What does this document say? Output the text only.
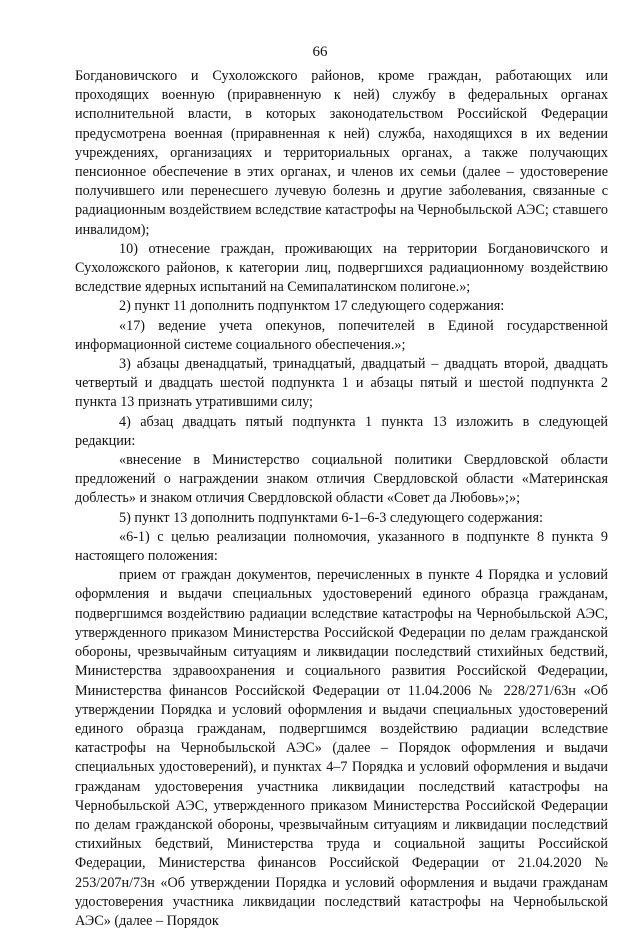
66

Богдановичского и Сухоложского районов, кроме граждан, работающих или проходящих военную (приравненную к ней) службу в федеральных органах исполнительной власти, в которых законодательством Российской Федерации предусмотрена военная (приравненная к ней) служба, находящихся в их ведении учреждениях, организациях и территориальных органах, а также получающих пенсионное обеспечение в этих органах, и членов их семьи (далее – удостоверение получившего или перенесшего лучевую болезнь и другие заболевания, связанные с радиационным воздействием вследствие катастрофы на Чернобыльской АЭС; ставшего инвалидом);

10) отнесение граждан, проживающих на территории Богдановичского и Сухоложского районов, к категории лиц, подвергшихся радиационному воздействию вследствие ядерных испытаний на Семипалатинском полигоне.»;

2) пункт 11 дополнить подпунктом 17 следующего содержания:

«17) ведение учета опекунов, попечителей в Единой государственной информационной системе социального обеспечения.»;

3) абзацы двенадцатый, тринадцатый, двадцатый – двадцать второй, двадцать четвертый и двадцать шестой подпункта 1 и абзацы пятый и шестой подпункта 2 пункта 13 признать утратившими силу;

4) абзац двадцать пятый подпункта 1 пункта 13 изложить в следующей редакции:

«внесение в Министерство социальной политики Свердловской области предложений о награждении знаком отличия Свердловской области «Материнская доблесть» и знаком отличия Свердловской области «Совет да Любовь»;»;

5) пункт 13 дополнить подпунктами 6-1–6-3 следующего содержания:

«6-1) с целью реализации полномочия, указанного в подпункте 8 пункта 9 настоящего положения:

прием от граждан документов, перечисленных в пункте 4 Порядка и условий оформления и выдачи специальных удостоверений единого образца гражданам, подвергшимся воздействию радиации вследствие катастрофы на Чернобыльской АЭС, утвержденного приказом Министерства Российской Федерации по делам гражданской обороны, чрезвычайным ситуациям и ликвидации последствий стихийных бедствий, Министерства здравоохранения и социального развития Российской Федерации, Министерства финансов Российской Федерации от 11.04.2006 № 228/271/63н «Об утверждении Порядка и условий оформления и выдачи специальных удостоверений единого образца гражданам, подвергшимся воздействию радиации вследствие катастрофы на Чернобыльской АЭС» (далее – Порядок оформления и выдачи специальных удостоверений), и пунктах 4–7 Порядка и условий оформления и выдачи гражданам удостоверения участника ликвидации последствий катастрофы на Чернобыльской АЭС, утвержденного приказом Министерства Российской Федерации по делам гражданской обороны, чрезвычайным ситуациям и ликвидации последствий стихийных бедствий, Министерства труда и социальной защиты Российской Федерации, Министерства финансов Российской Федерации от 21.04.2020 № 253/207н/73н «Об утверждении Порядка и условий оформления и выдачи гражданам удостоверения участника ликвидации последствий катастрофы на Чернобыльской АЭС» (далее – Порядок
